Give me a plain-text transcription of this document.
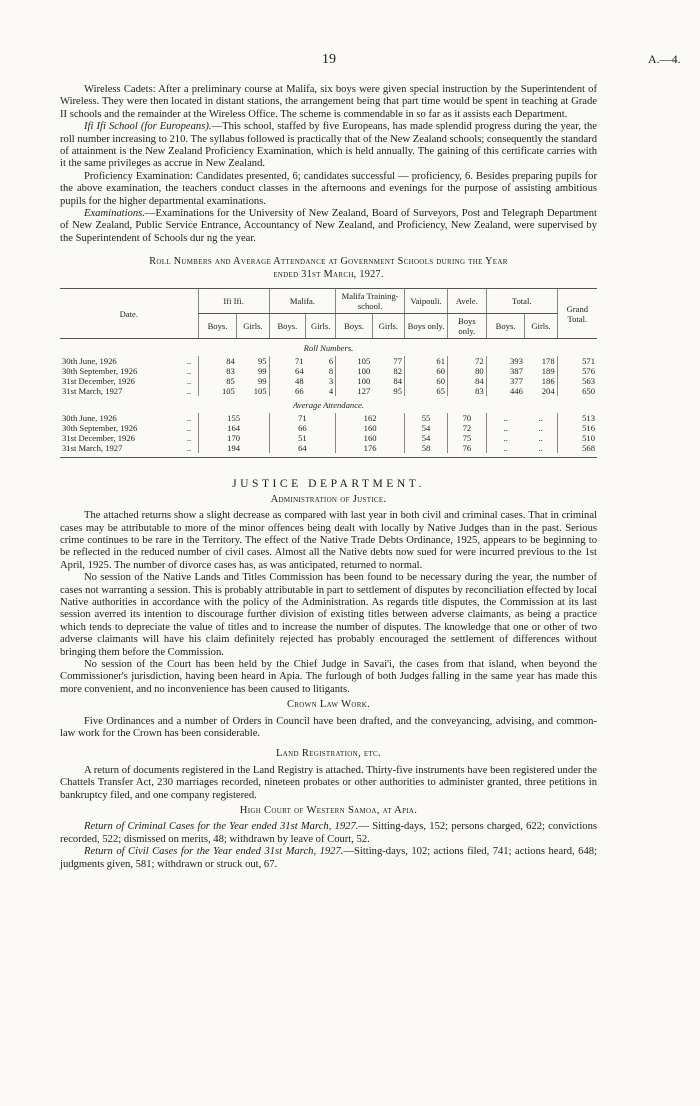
19	A.—4.

Wireless Cadets: After a preliminary course at Malifa, six boys were given special instruction by the Superintendent of Wireless. They were then located in distant stations, the arrangement being that part time would be spent in teaching at Grade II schools and the remainder at the Wireless Office. The scheme is commendable in so far as it assists each Department.

Ifi Ifi School (for Europeans).—This school, staffed by five Europeans, has made splendid progress during the year, the roll number increasing to 210. The syllabus followed is practically that of the New Zealand schools; consequently the standard of attainment is the New Zealand Proficiency Examination, which is held annually. The gaining of this certificate carries with it the same privileges as accrue in New Zealand.

Proficiency Examination: Candidates presented, 6; candidates successful — proficiency, 6. Besides preparing pupils for the above examination, the teachers conduct classes in the afternoons and evenings for the purpose of assisting ambitious pupils for the higher departmental examinations.

Examinations.—Examinations for the University of New Zealand, Board of Surveyors, Post and Telegraph Department of New Zealand, Public Service Entrance, Accountancy of New Zealand, and Proficiency, New Zealand, were supervised by the Superintendent of Schools dur ng the year.

Roll Numbers and Average Attendance at Government Schools during the Year
ended 31st March, 1927.

Date.		Ifi Ifi.		Malifa.		Malifa Training-school.		Vaipouli.	Avele.	Total.		Grand Total.
		Boys.	Girls.	Boys.	Girls.	Boys.	Girls.	Boys only.	Boys only.	Boys.	Girls.	
Roll Numbers.												
30th June, 1926	..	84	95	71	6	105	77	61	72	393	178	571
30th September, 1926	..	83	99	64	8	100	82	60	80	387	189	576
31st December, 1926	..	85	99	48	3	100	84	60	84	377	186	563
31st March, 1927	..	105	105	66	4	127	95	65	83	446	204	650
Average Attendance.												
30th June, 1926	..	155		71		162		55	70	..	..	513
30th September, 1926	..	164		66		160		54	72	..	..	516
31st December, 1926	..	170		51		160		54	75	..	..	510
31st March, 1927	..	194		64		176		58	76	..	..	568

JUSTICE DEPARTMENT.

Administration of Justice.

The attached returns show a slight decrease as compared with last year in both civil and criminal cases. That in criminal cases may be attributable to more of the minor offences being dealt with locally by Native Judges than in the past. Serious crime continues to be rare in the Territory. The effect of the Native Trade Debts Ordinance, 1925, appears to be beginning to be reflected in the reduced number of civil cases. Almost all the Native debts now sued for were incurred previous to the 1st April, 1925. The number of divorce cases has, as was anticipated, returned to normal.

No session of the Native Lands and Titles Commission has been found to be necessary during the year, the number of cases not warranting a session. This is probably attributable in part to settlement of disputes by reconciliation effected by local Native authorities in accordance with the policy of the Administration. As regards title disputes, the Commission at its last session averred its intention to discourage further division of existing titles between adverse claimants, as being a practice which tends to depreciate the value of titles and to increase the number of disputes. The knowledge that one or other of two adverse claimants will have his claim definitely rejected has probably encouraged the settlement of differences without bringing them before the Commission.

No session of the Court has been held by the Chief Judge in Savai'i, the cases from that island, when beyond the Commissioner's jurisdiction, having been heard in Apia. The furlough of both Judges falling in the same year has made this more convenient, and no inconvenience has been caused to litigants.

Crown Law Work.

Five Ordinances and a number of Orders in Council have been drafted, and the conveyancing, advising, and common-law work for the Crown has been considerable.

Land Registration, etc.

A return of documents registered in the Land Registry is attached. Thirty-five instruments have been registered under the Chattels Transfer Act, 230 marriages recorded, nineteen probates or other authorities to administer granted, three petitions in bankruptcy filed, and one company registered.

High Court of Western Samoa, at Apia.

Return of Criminal Cases for the Year ended 31st March, 1927.— Sitting-days, 152; persons charged, 622; convictions recorded, 522; dismissed on merits, 48; withdrawn by leave of Court, 52.

Return of Civil Cases for the Year ended 31st March, 1927.—Sitting-days, 102; actions filed, 741; actions heard, 648; judgments given, 581; withdrawn or struck out, 67.
